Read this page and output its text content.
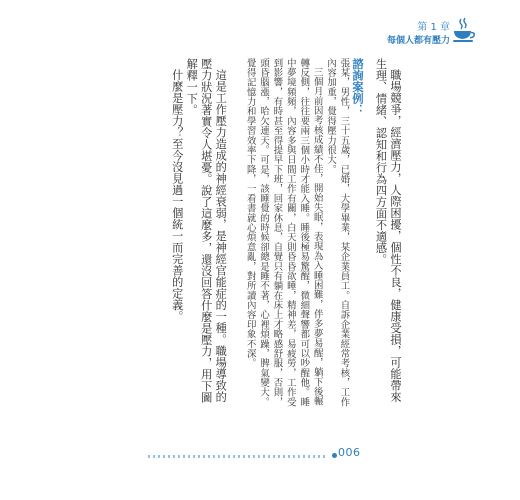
第 1 章
每個人都有壓力

職場競爭，經濟壓力，人際困擾，個性不良，健康受損，可能帶來生理、情緒、認知和行為四方面不適感。

諮詢案例：

張某，男性，三十五歲，已婚，大學畢業，某企業員工。自訴企業經常考核，工作內容加重，覺得壓力很大。

三個月前因考核成績不佳，開始失眠，表現為入睡困難，伴多夢易醒，躺下後輾轉反側，往往要兩三個小時才能入睡。睡後極易驚醒，微細聲響都可以吵醒他。睡中夢境頻頻，內容多與日間工作有關，白天則昏昏欲睡，精神差，易疲勞，工作受到影響，有時甚至得提早下班，回家休息，自覺只有躺在床上才略感舒服，否則，頭昏腦漲，哈欠連天。可是，該睡覺的時候卻總是睡不著，心裡煩躁，脾氣變大。覺得記憶力和學習效率下降，一看書就心煩意亂，對所讀內容印象不深。

這是工作壓力造成的神經衰弱，是神經官能症的一種。職場導致的壓力狀況著實令人堪憂。說了這麼多，還沒回答什麼是壓力，用下圖解釋一下。

什麼是壓力？至今沒見過一個統一而完善的定義。

006
